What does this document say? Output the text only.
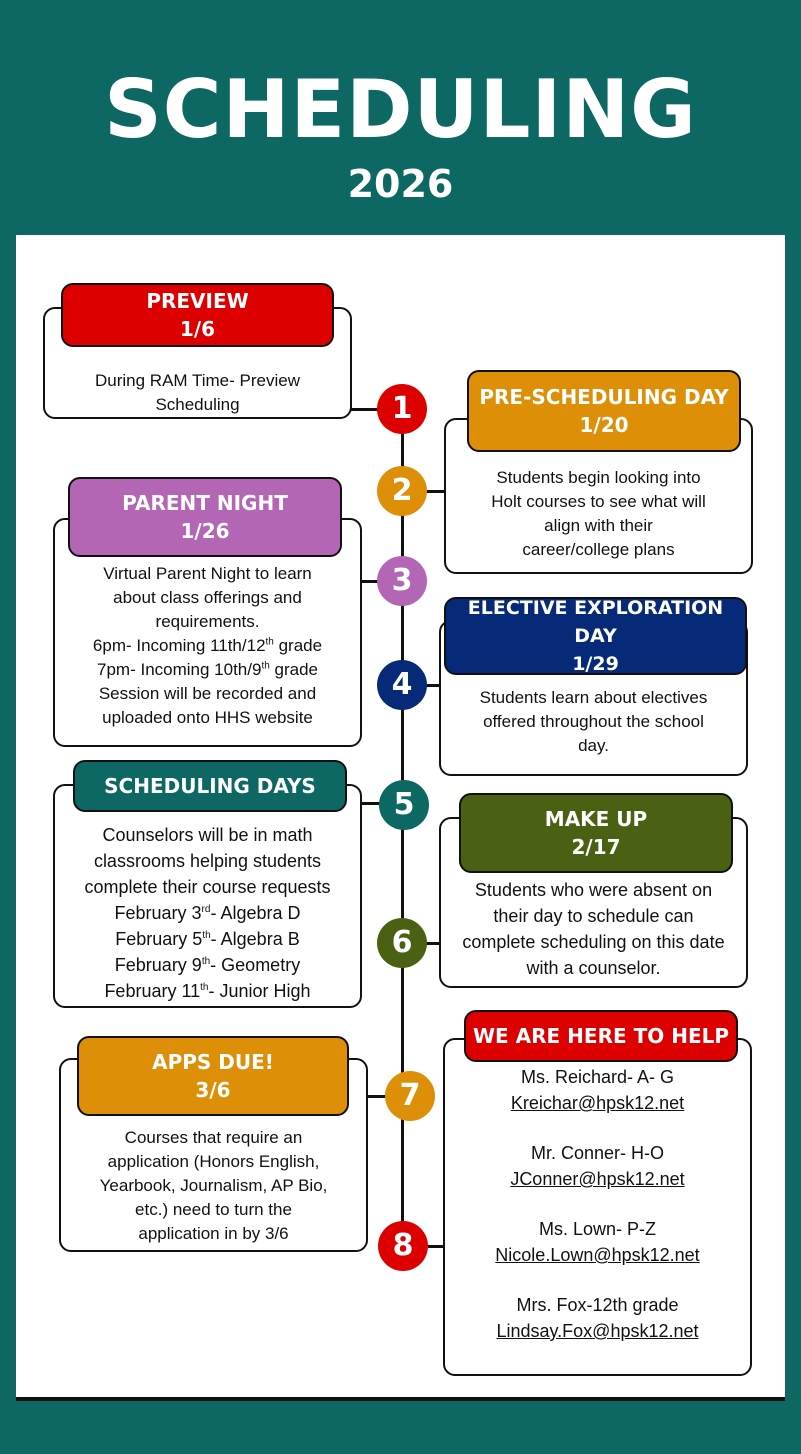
SCHEDULING
2026
During RAM Time- Preview
Scheduling
PREVIEW
1/6
1
Students begin looking into
Holt courses to see what will
align with their
career/college plans
PRE-SCHEDULING DAY
1/20
2
Virtual Parent Night to learn
about class offerings and
requirements.
6pm- Incoming 11th/12th grade
7pm- Incoming 10th/9th grade
Session will be recorded and
uploaded onto HHS website
PARENT NIGHT
1/26
3
Students learn about electives
offered throughout the school
day.
ELECTIVE EXPLORATION DAY
1/29
4
Counselors will be in math
classrooms helping students
complete their course requests
February 3rd- Algebra D
February 5th- Algebra B
February 9th- Geometry
February 11th- Junior High
SCHEDULING DAYS
5
Students who were absent on
their day to schedule can
complete scheduling on this date
with a counselor.
MAKE UP
2/17
6
Courses that require an
application (Honors English,
Yearbook, Journalism, AP Bio,
etc.) need to turn the
application in by 3/6
APPS DUE!
3/6	7
Ms. Reichard- A- G
Kreichar@hpsk12.net
Mr. Conner- H-O
JConner@hpsk12.net
Ms. Lown- P-Z
Nicole.Lown@hpsk12.net
Mrs. Fox-12th grade
Lindsay.Fox@hpsk12.net
WE ARE HERE TO HELP
8
